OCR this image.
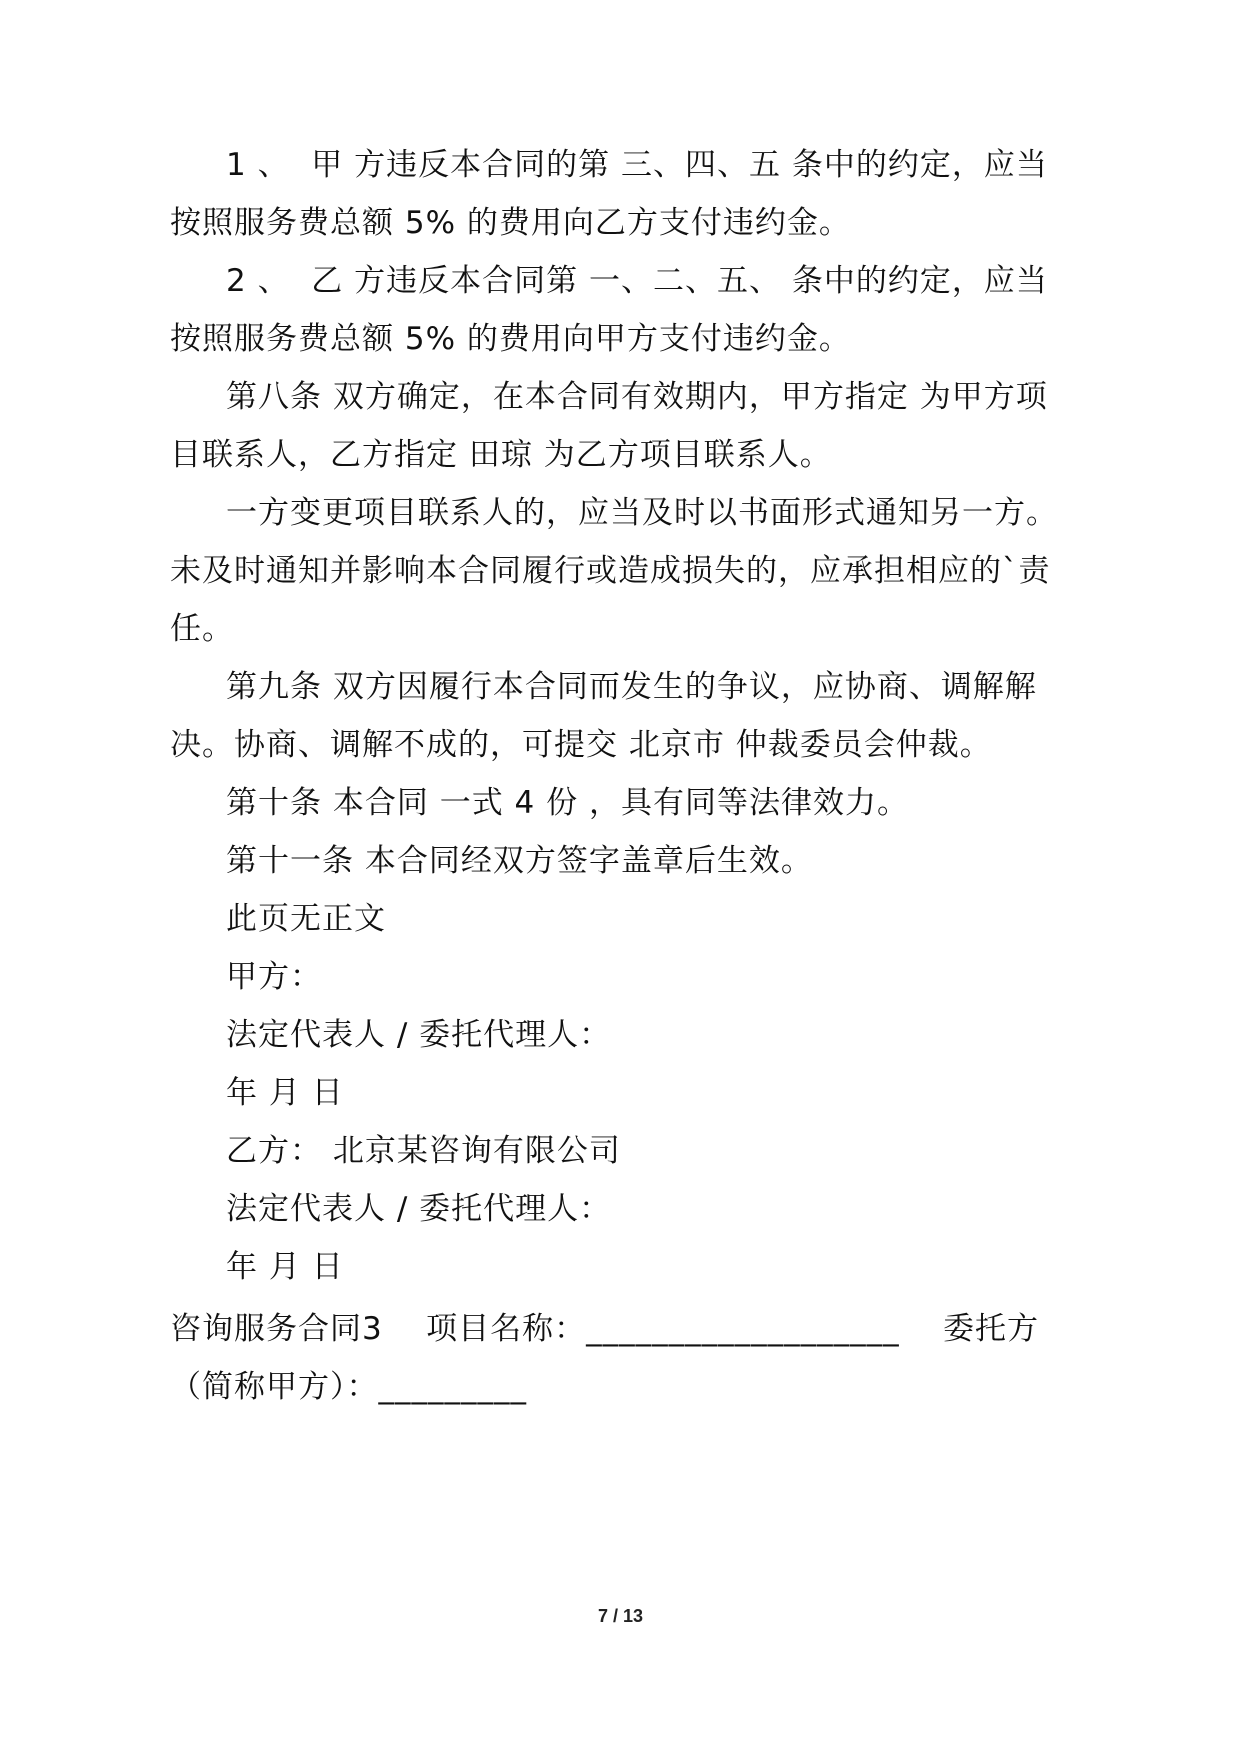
1 、  甲 方违反本合同的第 三、四、五 条中的约定，应当
按照服务费总额 5% 的费用向乙方支付违约金。
2 、  乙 方违反本合同第 一、二、五、 条中的约定，应当
按照服务费总额 5% 的费用向甲方支付违约金。
第八条 双方确定，在本合同有效期内，甲方指定 为甲方项
目联系人，乙方指定 田琼 为乙方项目联系人。
一方变更项目联系人的，应当及时以书面形式通知另一方。
未及时通知并影响本合同履行或造成损失的，应承担相应的`责
任。
第九条 双方因履行本合同而发生的争议，应协商、调解解
决。协商、调解不成的，可提交 北京市 仲裁委员会仲裁。
第十条 本合同 一式 4 份 ，具有同等法律效力。
第十一条 本合同经双方签字盖章后生效。
此页无正文
甲方：
法定代表人 / 委托代理人：
年 月 日
乙方： 北京某咨询有限公司
法定代表人 / 委托代理人：
年 月 日
咨询服务合同3    项目名称：___________________    委托方
（简称甲方）：_________
7 / 13
